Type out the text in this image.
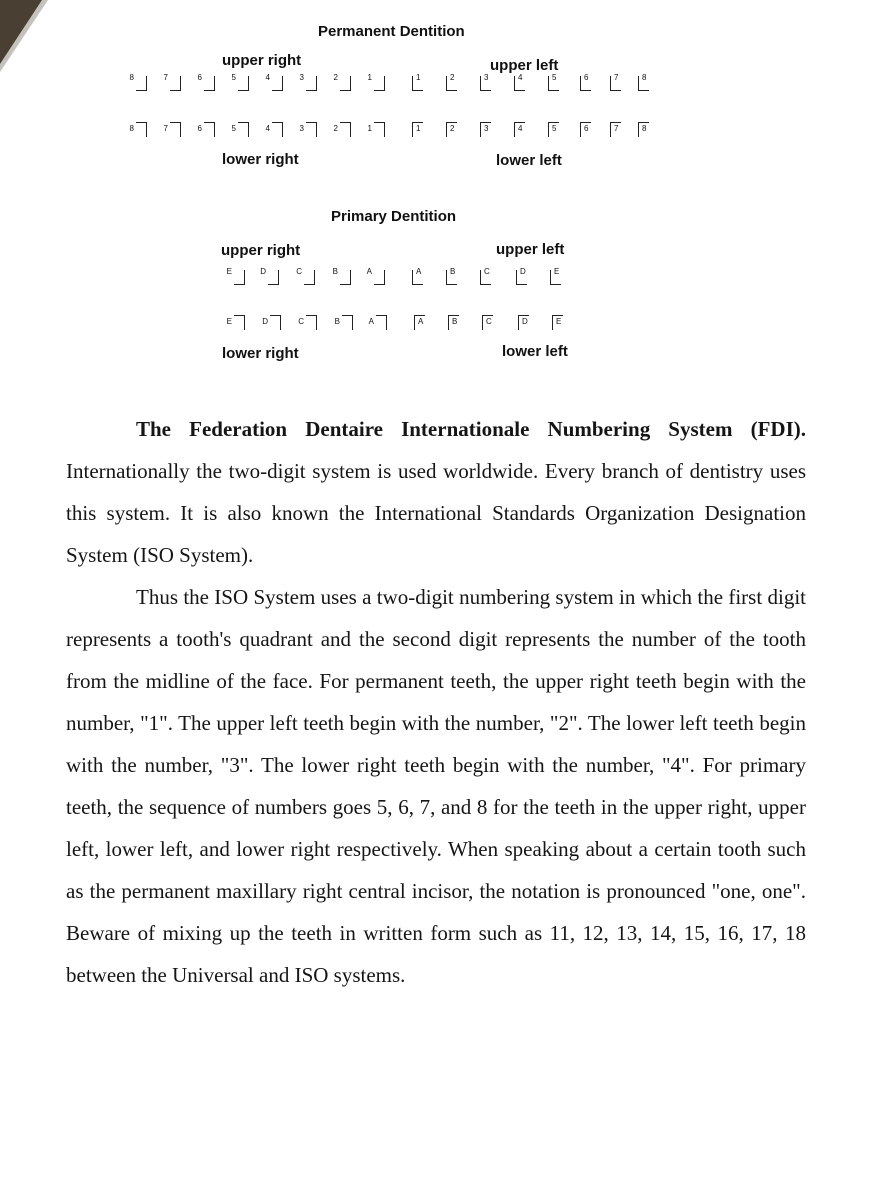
Permanent Dentition
upper right	upper left
8	7	6	5	4	3	2	1	1	2	3	4	5	6	7	8
8	7	6	5	4	3	2	1	1	2	3	4	5	6	7	8
lower right	lower left
Primary Dentition
upper right	upper left
E	D	C	B	A	A	B	C	D	E
E	D	C	B	A	A	B	C	D	E
lower right	lower left

The Federation Dentaire Internationale Numbering System (FDI). Internationally the two-digit system is used worldwide. Every branch of dentistry uses this system. It is also known the International Standards Organization Designation System (ISO System).

Thus the ISO System uses a two-digit numbering system in which the first digit represents a tooth's quadrant and the second digit represents the number of the tooth from the midline of the face. For permanent teeth, the upper right teeth begin with the number, "1". The upper left teeth begin with the number, "2". The lower left teeth begin with the number, "3". The lower right teeth begin with the number, "4". For primary teeth, the sequence of numbers goes 5, 6, 7, and 8 for the teeth in the upper right, upper left, lower left, and lower right respectively. When speaking about a certain tooth such as the permanent maxillary right central incisor, the notation is pronounced "one, one". Beware of mixing up the teeth in written form such as 11, 12, 13, 14, 15, 16, 17, 18 between the Universal and ISO systems.
